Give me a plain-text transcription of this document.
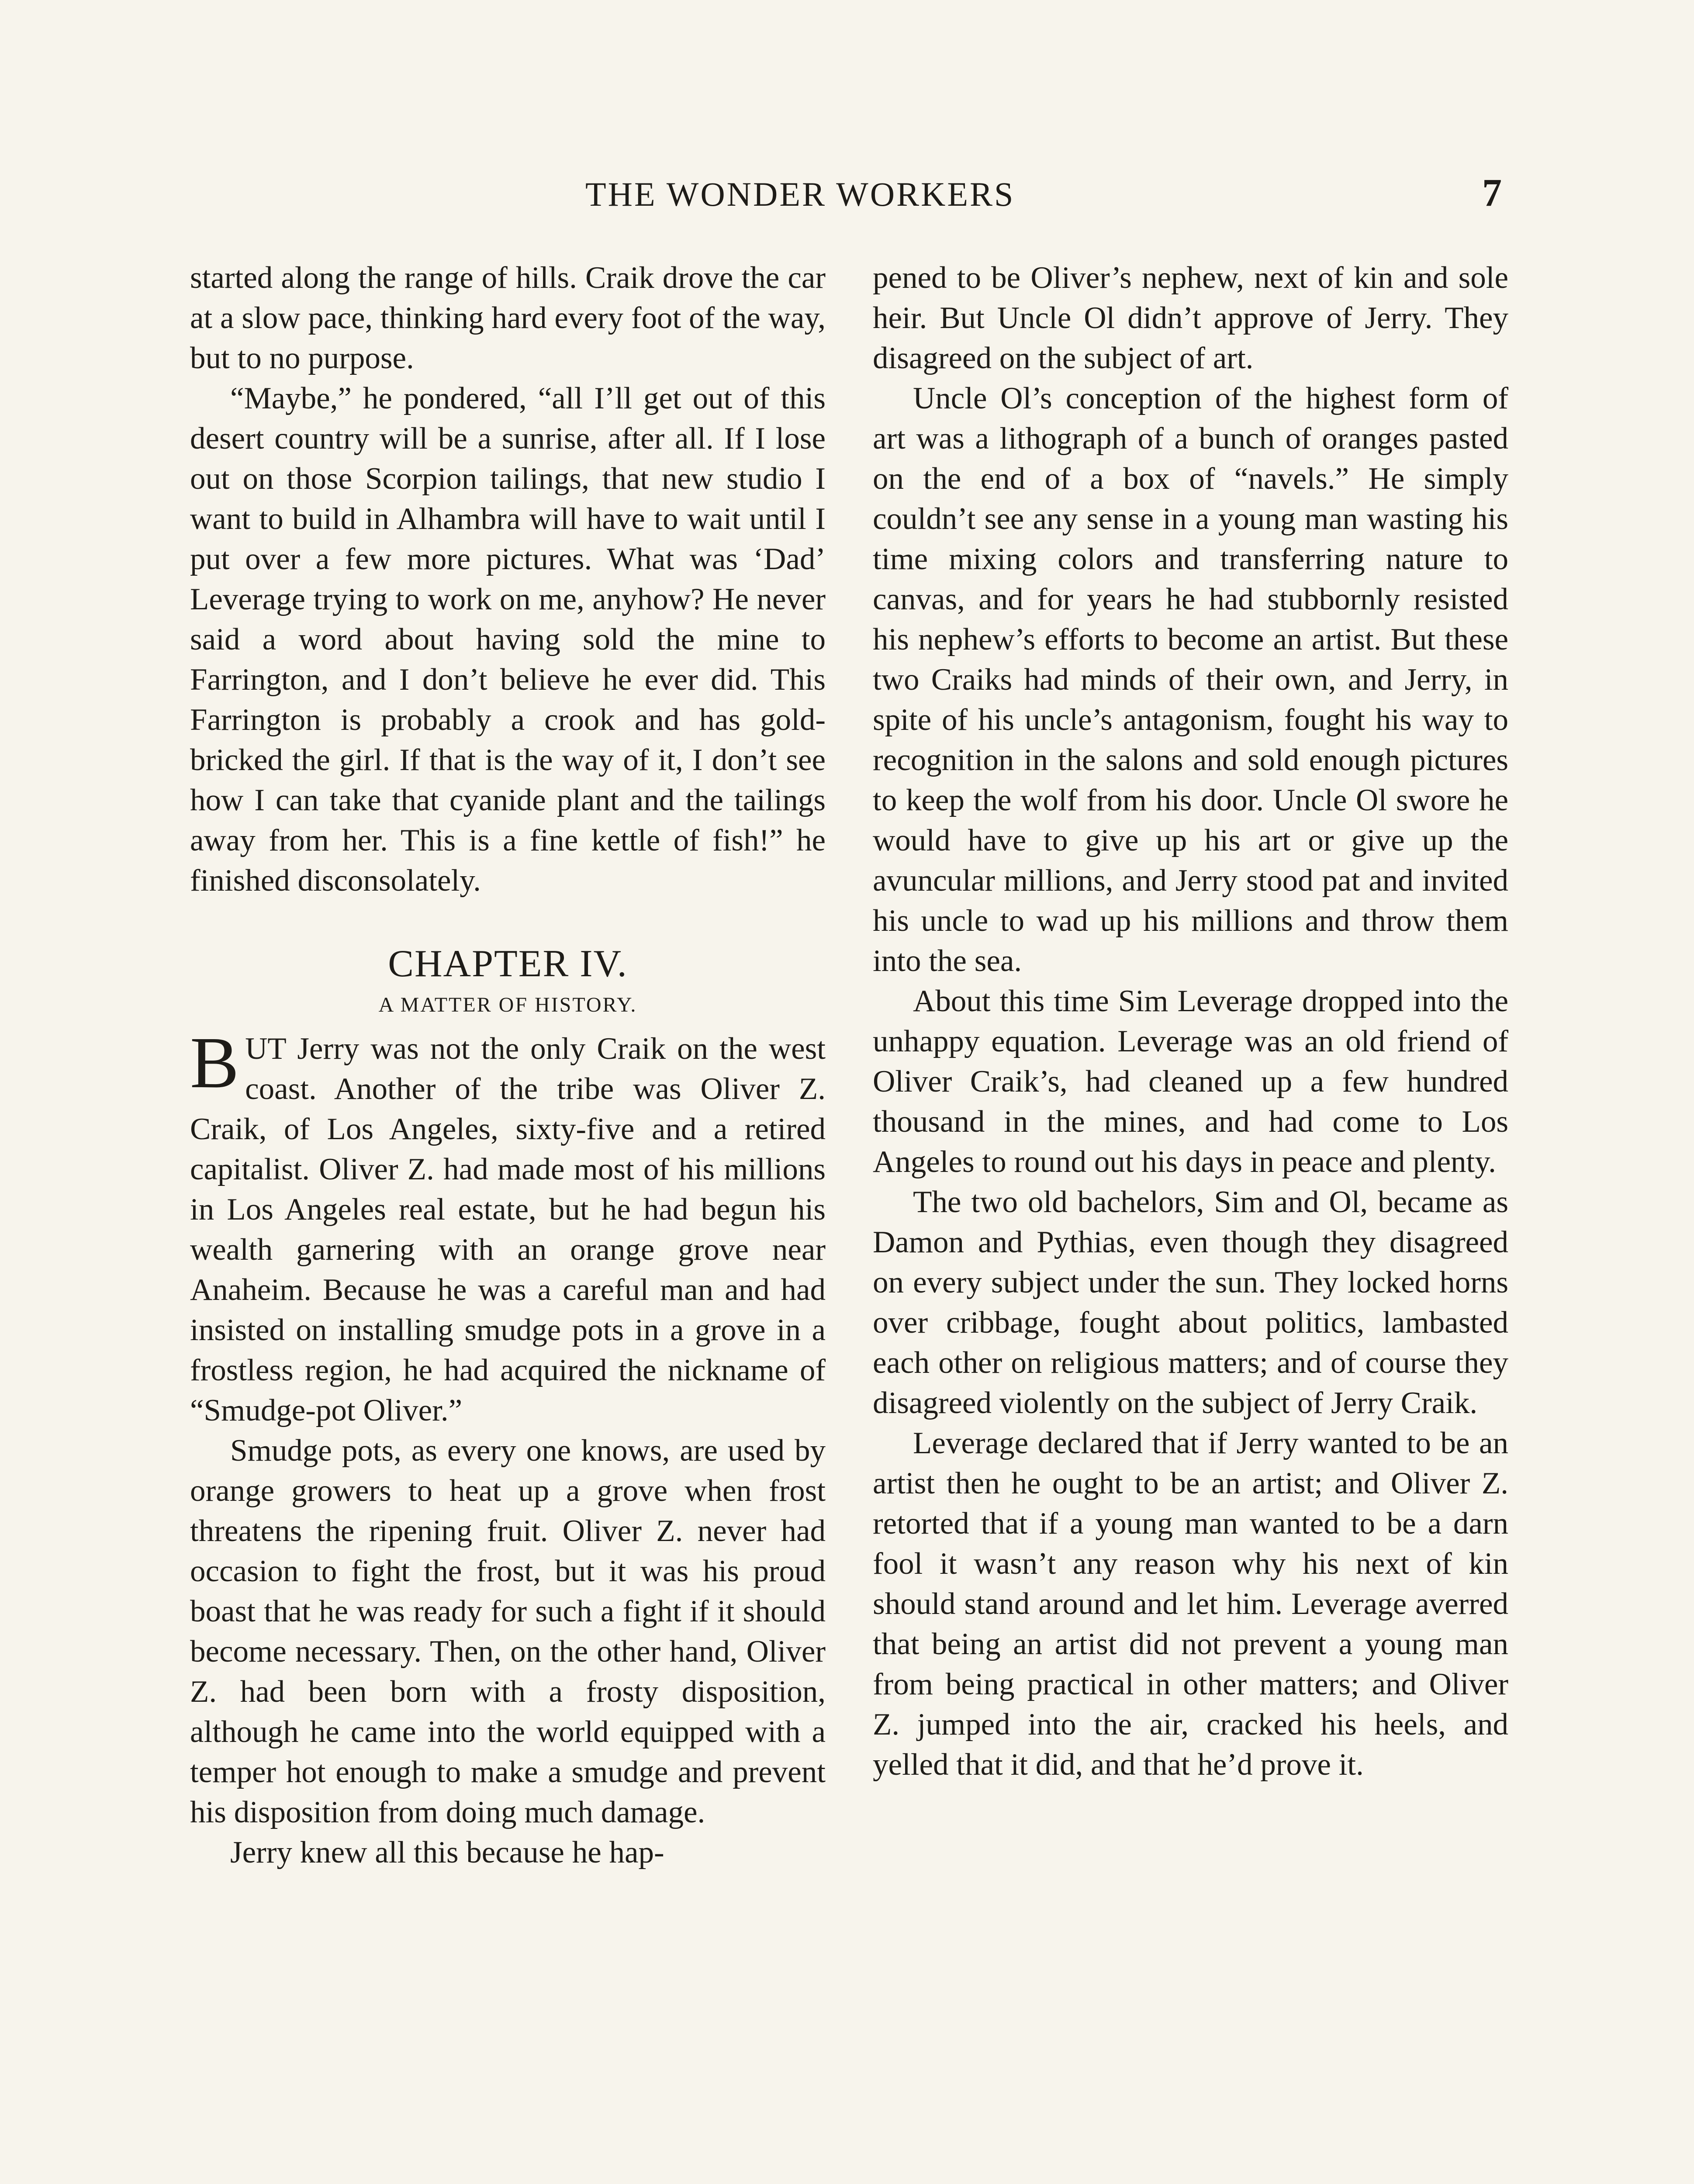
THE WONDER WORKERS	7

started along the range of hills. Craik drove the car at a slow pace, thinking hard every foot of the way, but to no purpose.

“Maybe,” he pondered, “all I’ll get out of this desert country will be a sunrise, after all. If I lose out on those Scorpion tailings, that new studio I want to build in Alhambra will have to wait until I put over a few more pictures. What was ‘Dad’ Leverage trying to work on me, anyhow? He never said a word about having sold the mine to Farrington, and I don’t believe he ever did. This Farrington is probably a crook and has gold-bricked the girl. If that is the way of it, I don’t see how I can take that cyanide plant and the tailings away from her. This is a fine kettle of fish!” he finished disconsolately.

CHAPTER IV.
A MATTER OF HISTORY.

BUT Jerry was not the only Craik on the west coast. Another of the tribe was Oliver Z. Craik, of Los Angeles, sixty-five and a retired capitalist. Oliver Z. had made most of his millions in Los Angeles real estate, but he had begun his wealth garnering with an orange grove near Anaheim. Because he was a careful man and had insisted on installing smudge pots in a grove in a frostless region, he had acquired the nickname of “Smudge-pot Oliver.”

Smudge pots, as every one knows, are used by orange growers to heat up a grove when frost threatens the ripening fruit. Oliver Z. never had occasion to fight the frost, but it was his proud boast that he was ready for such a fight if it should become necessary. Then, on the other hand, Oliver Z. had been born with a frosty disposition, although he came into the world equipped with a temper hot enough to make a smudge and prevent his disposition from doing much damage.

Jerry knew all this because he hap-

pened to be Oliver’s nephew, next of kin and sole heir. But Uncle Ol didn’t approve of Jerry. They disagreed on the subject of art.

Uncle Ol’s conception of the highest form of art was a lithograph of a bunch of oranges pasted on the end of a box of “navels.” He simply couldn’t see any sense in a young man wasting his time mixing colors and transferring nature to canvas, and for years he had stubbornly resisted his nephew’s efforts to become an artist. But these two Craiks had minds of their own, and Jerry, in spite of his uncle’s antagonism, fought his way to recognition in the salons and sold enough pictures to keep the wolf from his door. Uncle Ol swore he would have to give up his art or give up the avuncular millions, and Jerry stood pat and invited his uncle to wad up his millions and throw them into the sea.

About this time Sim Leverage dropped into the unhappy equation. Leverage was an old friend of Oliver Craik’s, had cleaned up a few hundred thousand in the mines, and had come to Los Angeles to round out his days in peace and plenty.

The two old bachelors, Sim and Ol, became as Damon and Pythias, even though they disagreed on every subject under the sun. They locked horns over cribbage, fought about politics, lambasted each other on religious matters; and of course they disagreed violently on the subject of Jerry Craik.

Leverage declared that if Jerry wanted to be an artist then he ought to be an artist; and Oliver Z. retorted that if a young man wanted to be a darn fool it wasn’t any reason why his next of kin should stand around and let him. Leverage averred that being an artist did not prevent a young man from being practical in other matters; and Oliver Z. jumped into the air, cracked his heels, and yelled that it did, and that he’d prove it.
